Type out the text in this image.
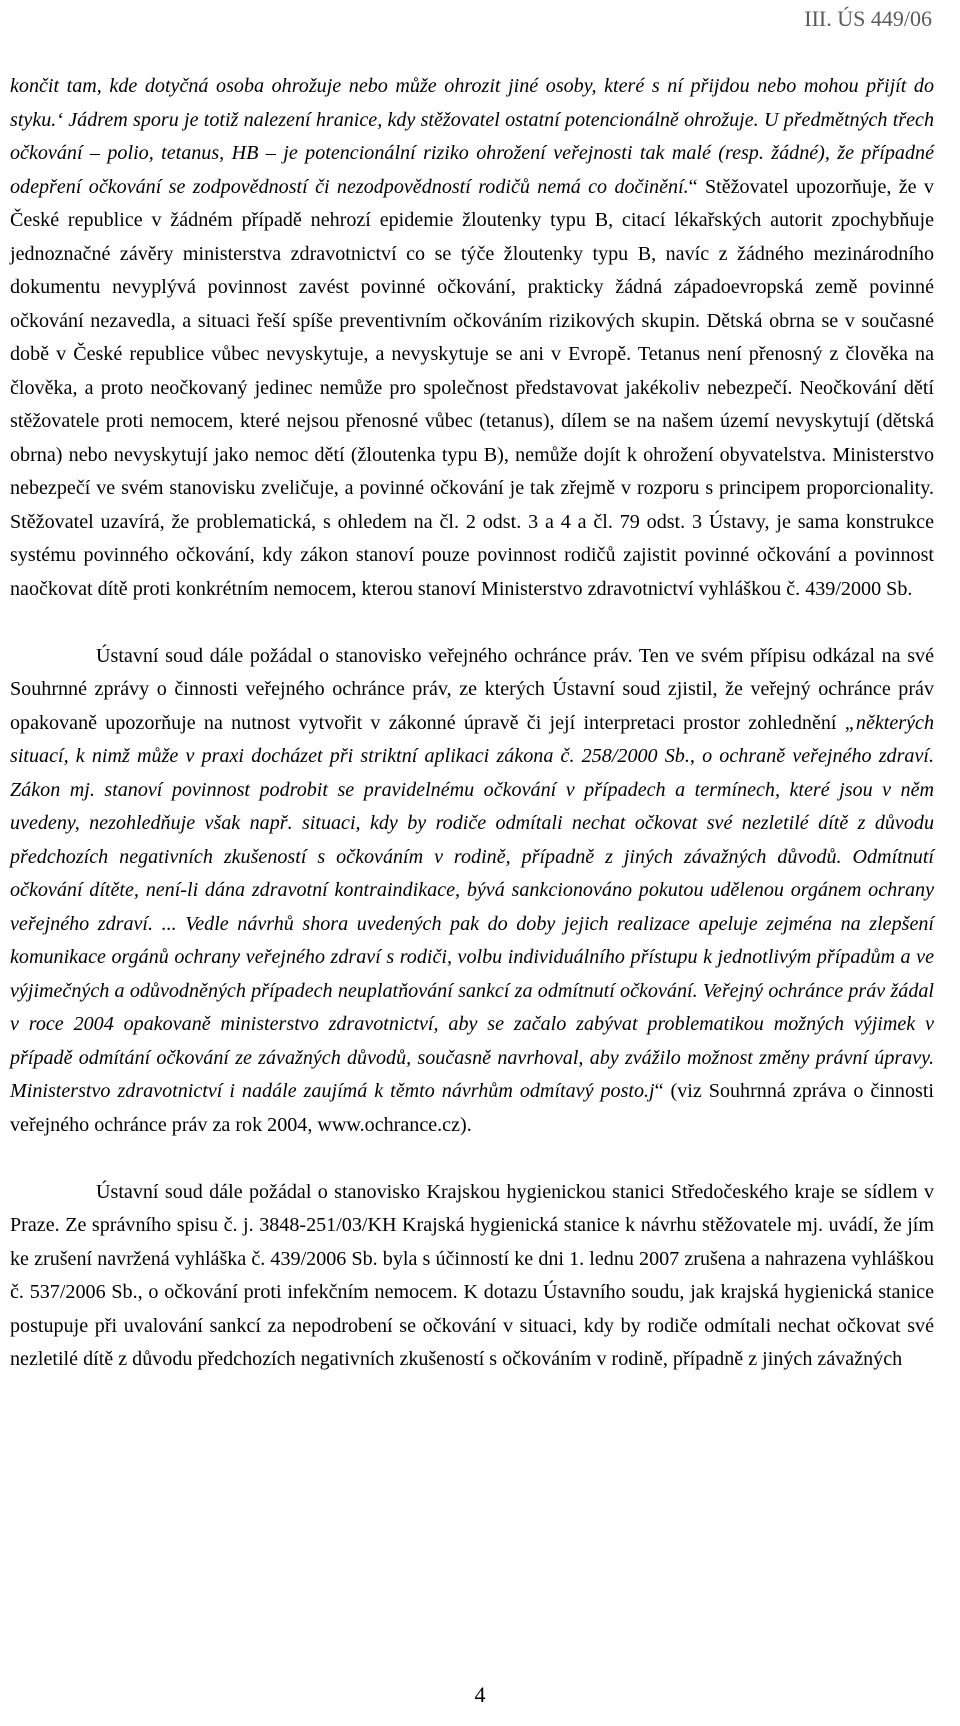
III. ÚS 449/06

končit tam, kde dotyčná osoba ohrožuje nebo může ohrozit jiné osoby, které s ní přijdou nebo mohou přijít do styku.‘ Jádrem sporu je totiž nalezení hranice, kdy stěžovatel ostatní potencionálně ohrožuje. U předmětných třech očkování – polio, tetanus, HB – je potencionální riziko ohrožení veřejnosti tak malé (resp. žádné), že případné odepření očkování se zodpovědností či nezodpovědností rodičů nemá co dočinění.“ Stěžovatel upozorňuje, že v České republice v žádném případě nehrozí epidemie žloutenky typu B, citací lékařských autorit zpochybňuje jednoznačné závěry ministerstva zdravotnictví co se týče žloutenky typu B, navíc z žádného mezinárodního dokumentu nevyplývá povinnost zavést povinné očkování, prakticky žádná západoevropská země povinné očkování nezavedla, a situaci řeší spíše preventivním očkováním rizikových skupin. Dětská obrna se v současné době v České republice vůbec nevyskytuje, a nevyskytuje se ani v Evropě. Tetanus není přenosný z člověka na člověka, a proto neočkovaný jedinec nemůže pro společnost představovat jakékoliv nebezpečí. Neočkování dětí stěžovatele proti nemocem, které nejsou přenosné vůbec (tetanus), dílem se na našem území nevyskytují (dětská obrna) nebo nevyskytují jako nemoc dětí (žloutenka typu B), nemůže dojít k ohrožení obyvatelstva. Ministerstvo nebezpečí ve svém stanovisku zveličuje, a povinné očkování je tak zřejmě v rozporu s principem proporcionality. Stěžovatel uzavírá, že problematická, s ohledem na čl. 2 odst. 3 a 4 a čl. 79 odst. 3 Ústavy, je sama konstrukce systému povinného očkování, kdy zákon stanoví pouze povinnost rodičů zajistit povinné očkování a povinnost naočkovat dítě proti konkrétním nemocem, kterou stanoví Ministerstvo zdravotnictví vyhláškou č. 439/2000 Sb.

Ústavní soud dále požádal o stanovisko veřejného ochránce práv. Ten ve svém přípisu odkázal na své Souhrnné zprávy o činnosti veřejného ochránce práv, ze kterých Ústavní soud zjistil, že veřejný ochránce práv opakovaně upozorňuje na nutnost vytvořit v zákonné úpravě či její interpretaci prostor zohlednění „některých situací, k nimž může v praxi docházet při striktní aplikaci zákona č. 258/2000 Sb., o ochraně veřejného zdraví. Zákon mj. stanoví povinnost podrobit se pravidelnému očkování v případech a termínech, které jsou v něm uvedeny, nezohledňuje však např. situaci, kdy by rodiče odmítali nechat očkovat své nezletilé dítě z důvodu předchozích negativních zkušeností s očkováním v rodině, případně z jiných závažných důvodů. Odmítnutí očkování dítěte, není-li dána zdravotní kontraindikace, bývá sankcionováno pokutou udělenou orgánem ochrany veřejného zdraví. ... Vedle návrhů shora uvedených pak do doby jejich realizace apeluje zejména na zlepšení komunikace orgánů ochrany veřejného zdraví s rodiči, volbu individuálního přístupu k jednotlivým případům a ve výjimečných a odůvodněných případech neuplatňování sankcí za odmítnutí očkování. Veřejný ochránce práv žádal v roce 2004 opakovaně ministerstvo zdravotnictví, aby se začalo zabývat problematikou možných výjimek v případě odmítání očkování ze závažných důvodů, současně navrhoval, aby zvážilo možnost změny právní úpravy. Ministerstvo zdravotnictví i nadále zaujímá k těmto návrhům odmítavý posto.j“ (viz Souhrnná zpráva o činnosti veřejného ochránce práv za rok 2004, www.ochrance.cz).

Ústavní soud dále požádal o stanovisko Krajskou hygienickou stanici Středočeského kraje se sídlem v Praze. Ze správního spisu č. j. 3848-251/03/KH Krajská hygienická stanice k návrhu stěžovatele mj. uvádí, že jím ke zrušení navržená vyhláška č. 439/2006 Sb. byla s účinností ke dni 1. lednu 2007 zrušena a nahrazena vyhláškou č. 537/2006 Sb., o očkování proti infekčním nemocem. K dotazu Ústavního soudu, jak krajská hygienická stanice postupuje při uvalování sankcí za nepodrobení se očkování v situaci, kdy by rodiče odmítali nechat očkovat své nezletilé dítě z důvodu předchozích negativních zkušeností s očkováním v rodině, případně z jiných závažných

4
